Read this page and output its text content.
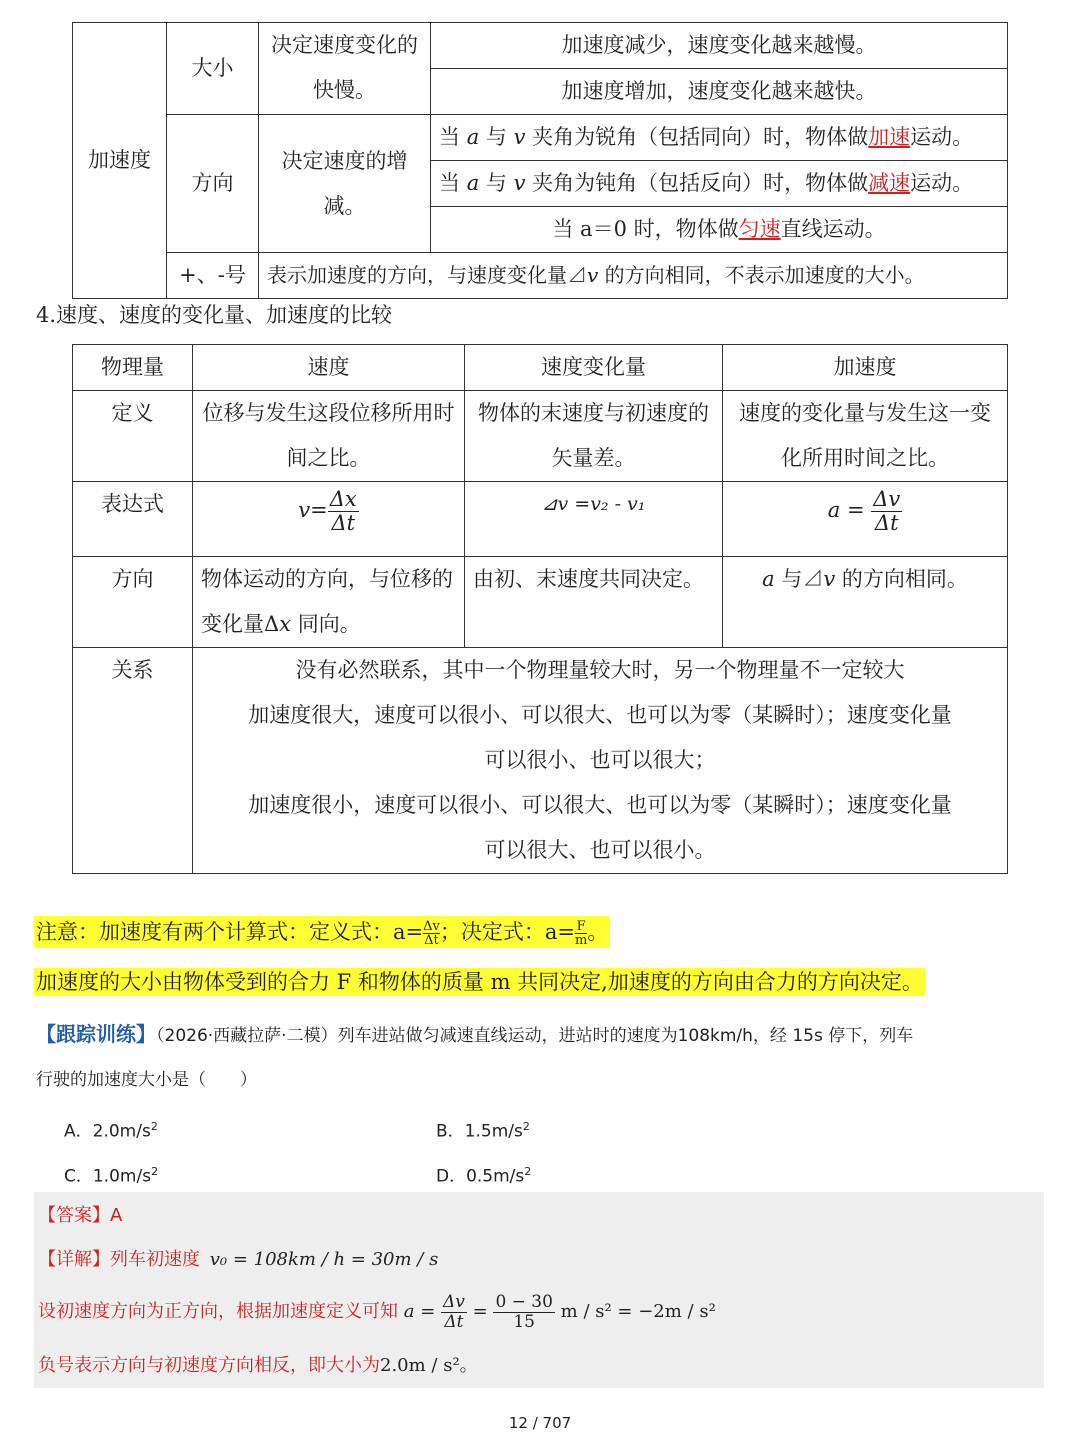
加速度	大小	决定速度变化的快慢。	加速度减少，速度变化越来越慢。
			加速度增加，速度变化越来越快。
	方向	决定速度的增减。	当 a 与 v 夹角为锐角（包括同向）时，物体做加速运动。
			当 a 与 v 夹角为钝角（包括反向）时，物体做减速运动。
			当 a＝0 时，物体做匀速直线运动。
	+、-号	表示加速度的方向，与速度变化量⊿v 的方向相同，不表示加速度的大小。	
4.速度、速度的变化量、加速度的比较
物理量	速度	速度变化量	加速度
定义	位移与发生这段位移所用时间之比。	物体的末速度与初速度的矢量差。	速度的变化量与发生这一变化所用时间之比。
表达式	$v= \frac{\Delta x}{\Delta t}$	⊿v =v₂ - v₁	$a = \frac{\Delta v}{\Delta t}$

方向	物体运动的方向，与位移的变化量Δx 同向。	由初、末速度共同决定。	a 与⊿v 的方向相同。
关系	没有必然联系，其中一个物理量较大时，另一个物理量不一定较大
加速度很大，速度可以很小、可以很大、也可以为零（某瞬时）；速度变化量
可以很小、也可以很大；
加速度很小，速度可以很小、可以很大、也可以为零（某瞬时）；速度变化量
可以很大、也可以很小。		
注意：加速度有两个计算式：定义式：$a= \frac{\Delta v}{\Delta t}$ ；决定式：$a= \frac{F}{m}$ 。
加速度的大小由物体受到的合力 F 和物体的质量 m 共同决定,加速度的方向由合力的方向决定。
【跟踪训练】（2026·西藏拉萨·二模）列车进站做匀减速直线运动，进站时的速度为108km/h，经 15s 停下，列车
行驶的加速度大小是（　　）
A．$2.0m/s^2$	B．$1.5m/s^2$
C．$1.0m/s^2$	D．$0.5m/s^2$
【答案】A
【详解】列车初速度 v₀ = 108km / h = 30m / s
设初速度方向为正方向，根据加速度定义可知 $a = \frac{\Delta v}{\Delta t} = \frac{0 - 30}{15}$ m / s² = −2m / s²
负号表示方向与初速度方向相反，即大小为2.0m / s²。
12 / 707
